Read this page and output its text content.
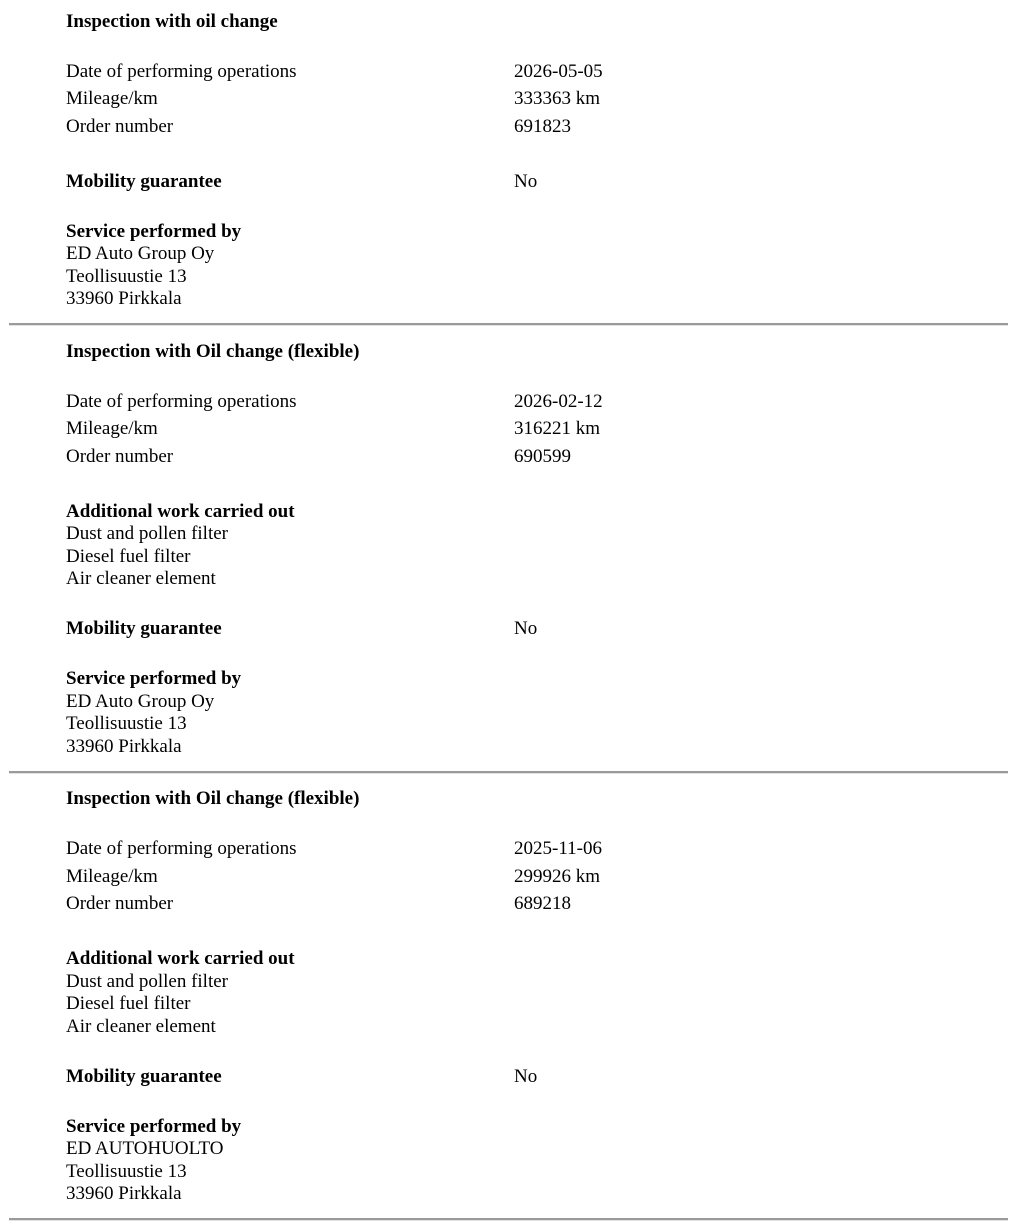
Inspection with oil change
Date of performing operations	2026-05-05
Mileage/km	333363 km
Order number	691823
Mobility guarantee	No
Service performed by
ED Auto Group Oy
Teollisuustie 13
33960 Pirkkala
Inspection with Oil change (flexible)
Date of performing operations	2026-02-12
Mileage/km	316221 km
Order number	690599
Additional work carried out
Dust and pollen filter
Diesel fuel filter
Air cleaner element
Mobility guarantee	No
Service performed by
ED Auto Group Oy
Teollisuustie 13
33960 Pirkkala
Inspection with Oil change (flexible)
Date of performing operations	2025-11-06
Mileage/km	299926 km
Order number	689218
Additional work carried out
Dust and pollen filter
Diesel fuel filter
Air cleaner element
Mobility guarantee	No
Service performed by
ED AUTOHUOLTO
Teollisuustie 13
33960 Pirkkala
